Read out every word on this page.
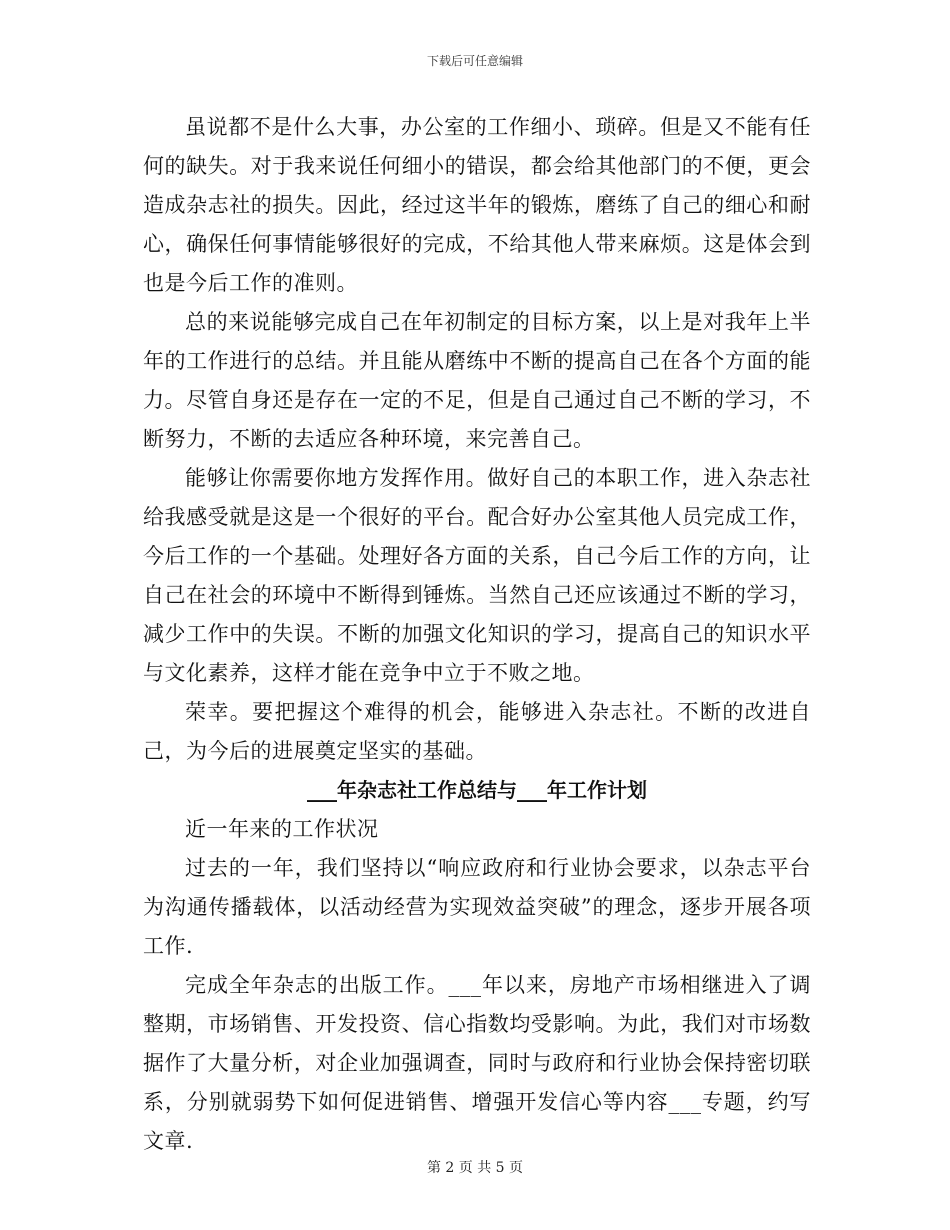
下载后可任意编辑

虽说都不是什么大事，办公室的工作细小、琐碎。但是又不能有任何的缺失。对于我来说任何细小的错误，都会给其他部门的不便，更会造成杂志社的损失。因此，经过这半年的锻炼，磨练了自己的细心和耐心，确保任何事情能够很好的完成，不给其他人带来麻烦。这是体会到也是今后工作的准则。

总的来说能够完成自己在年初制定的目标方案，以上是对我年上半年的工作进行的总结。并且能从磨练中不断的提高自己在各个方面的能力。尽管自身还是存在一定的不足，但是自己通过自己不断的学习，不断努力，不断的去适应各种环境，来完善自己。

能够让你需要你地方发挥作用。做好自己的本职工作，进入杂志社给我感受就是这是一个很好的平台。配合好办公室其他人员完成工作，今后工作的一个基础。处理好各方面的关系，自己今后工作的方向，让自己在社会的环境中不断得到锤炼。当然自己还应该通过不断的学习，减少工作中的失误。不断的加强文化知识的学习，提高自己的知识水平与文化素养，这样才能在竞争中立于不败之地。

荣幸。要把握这个难得的机会，能够进入杂志社。不断的改进自己，为今后的进展奠定坚实的基础。

___年杂志社工作总结与___年工作计划

近一年来的工作状况

过去的一年，我们坚持以“响应政府和行业协会要求，以杂志平台为沟通传播载体，以活动经营为实现效益突破”的理念，逐步开展各项工作.

完成全年杂志的出版工作。___年以来，房地产市场相继进入了调整期，市场销售、开发投资、信心指数均受影响。为此，我们对市场数据作了大量分析，对企业加强调查，同时与政府和行业协会保持密切联系，分别就弱势下如何促进销售、增强开发信心等内容___专题，约写文章.

第 2 页 共 5 页
